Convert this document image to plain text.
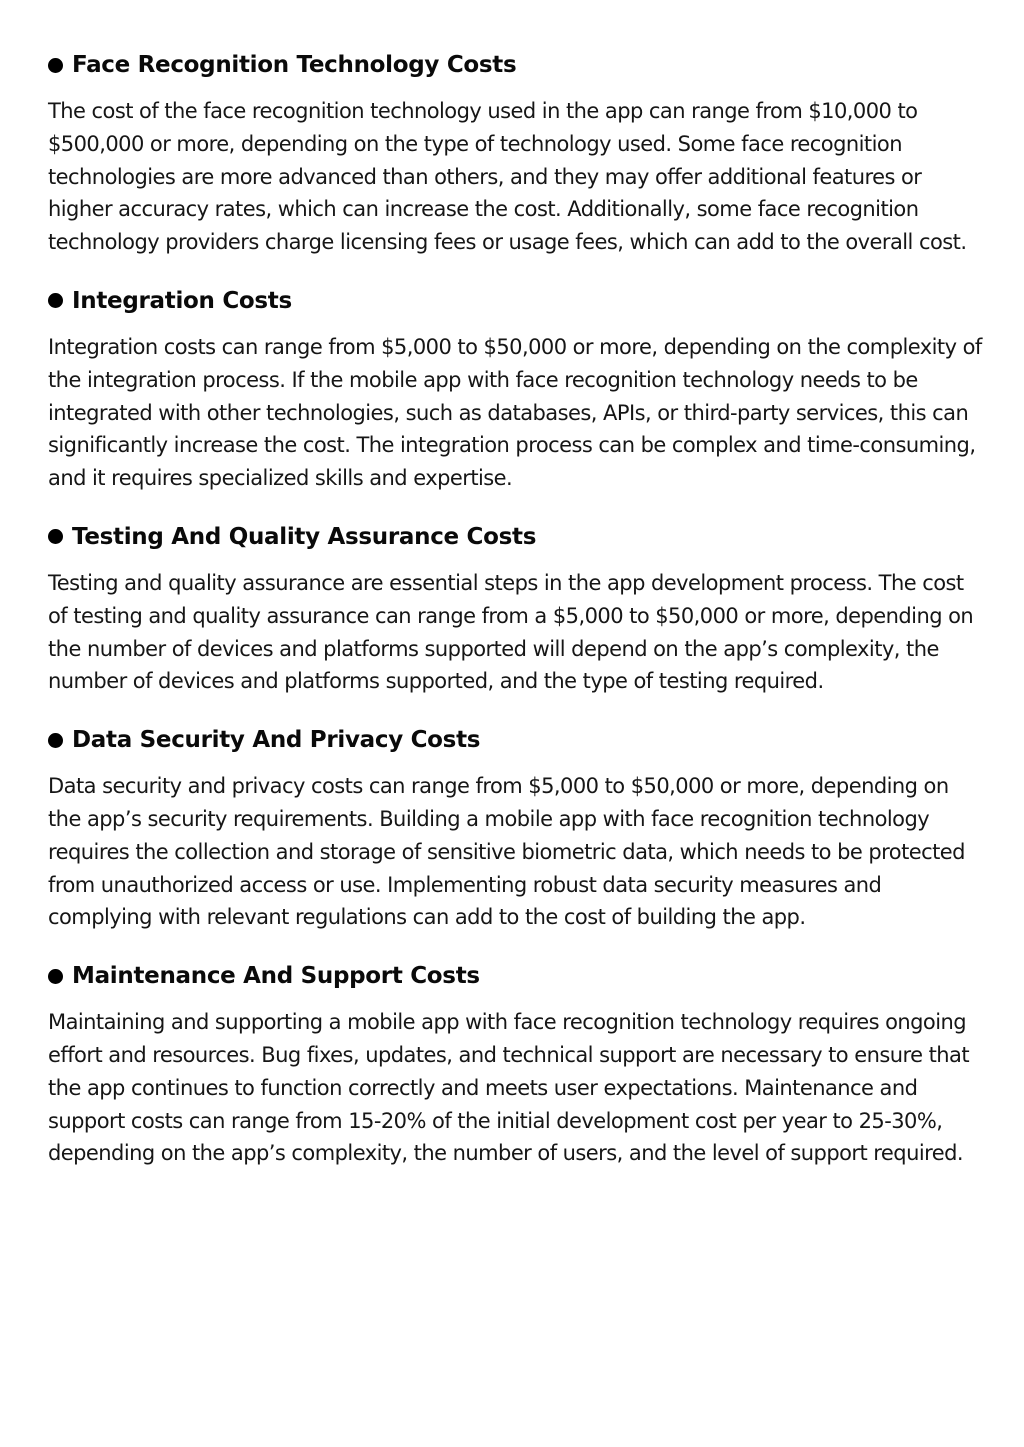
Face Recognition Technology Costs

The cost of the face recognition technology used in the app can range from $10,000 to $500,000 or more, depending on the type of technology used. Some face recognition technologies are more advanced than others, and they may offer additional features or higher accuracy rates, which can increase the cost. Additionally, some face recognition technology providers charge licensing fees or usage fees, which can add to the overall cost.

Integration Costs

Integration costs can range from $5,000 to $50,000 or more, depending on the complexity of the integration process. If the mobile app with face recognition technology needs to be integrated with other technologies, such as databases, APIs, or third-party services, this can significantly increase the cost. The integration process can be complex and time-consuming, and it requires specialized skills and expertise.

Testing And Quality Assurance Costs

Testing and quality assurance are essential steps in the app development process. The cost of testing and quality assurance can range from a $5,000 to $50,000 or more, depending on the number of devices and platforms supported will depend on the app’s complexity, the number of devices and platforms supported, and the type of testing required.

Data Security And Privacy Costs

Data security and privacy costs can range from $5,000 to $50,000 or more, depending on the app’s security requirements. Building a mobile app with face recognition technology requires the collection and storage of sensitive biometric data, which needs to be protected from unauthorized access or use. Implementing robust data security measures and complying with relevant regulations can add to the cost of building the app.

Maintenance And Support Costs

Maintaining and supporting a mobile app with face recognition technology requires ongoing effort and resources. Bug fixes, updates, and technical support are necessary to ensure that the app continues to function correctly and meets user expectations. Maintenance and support costs can range from 15-20% of the initial development cost per year to 25-30%, depending on the app’s complexity, the number of users, and the level of support required.
